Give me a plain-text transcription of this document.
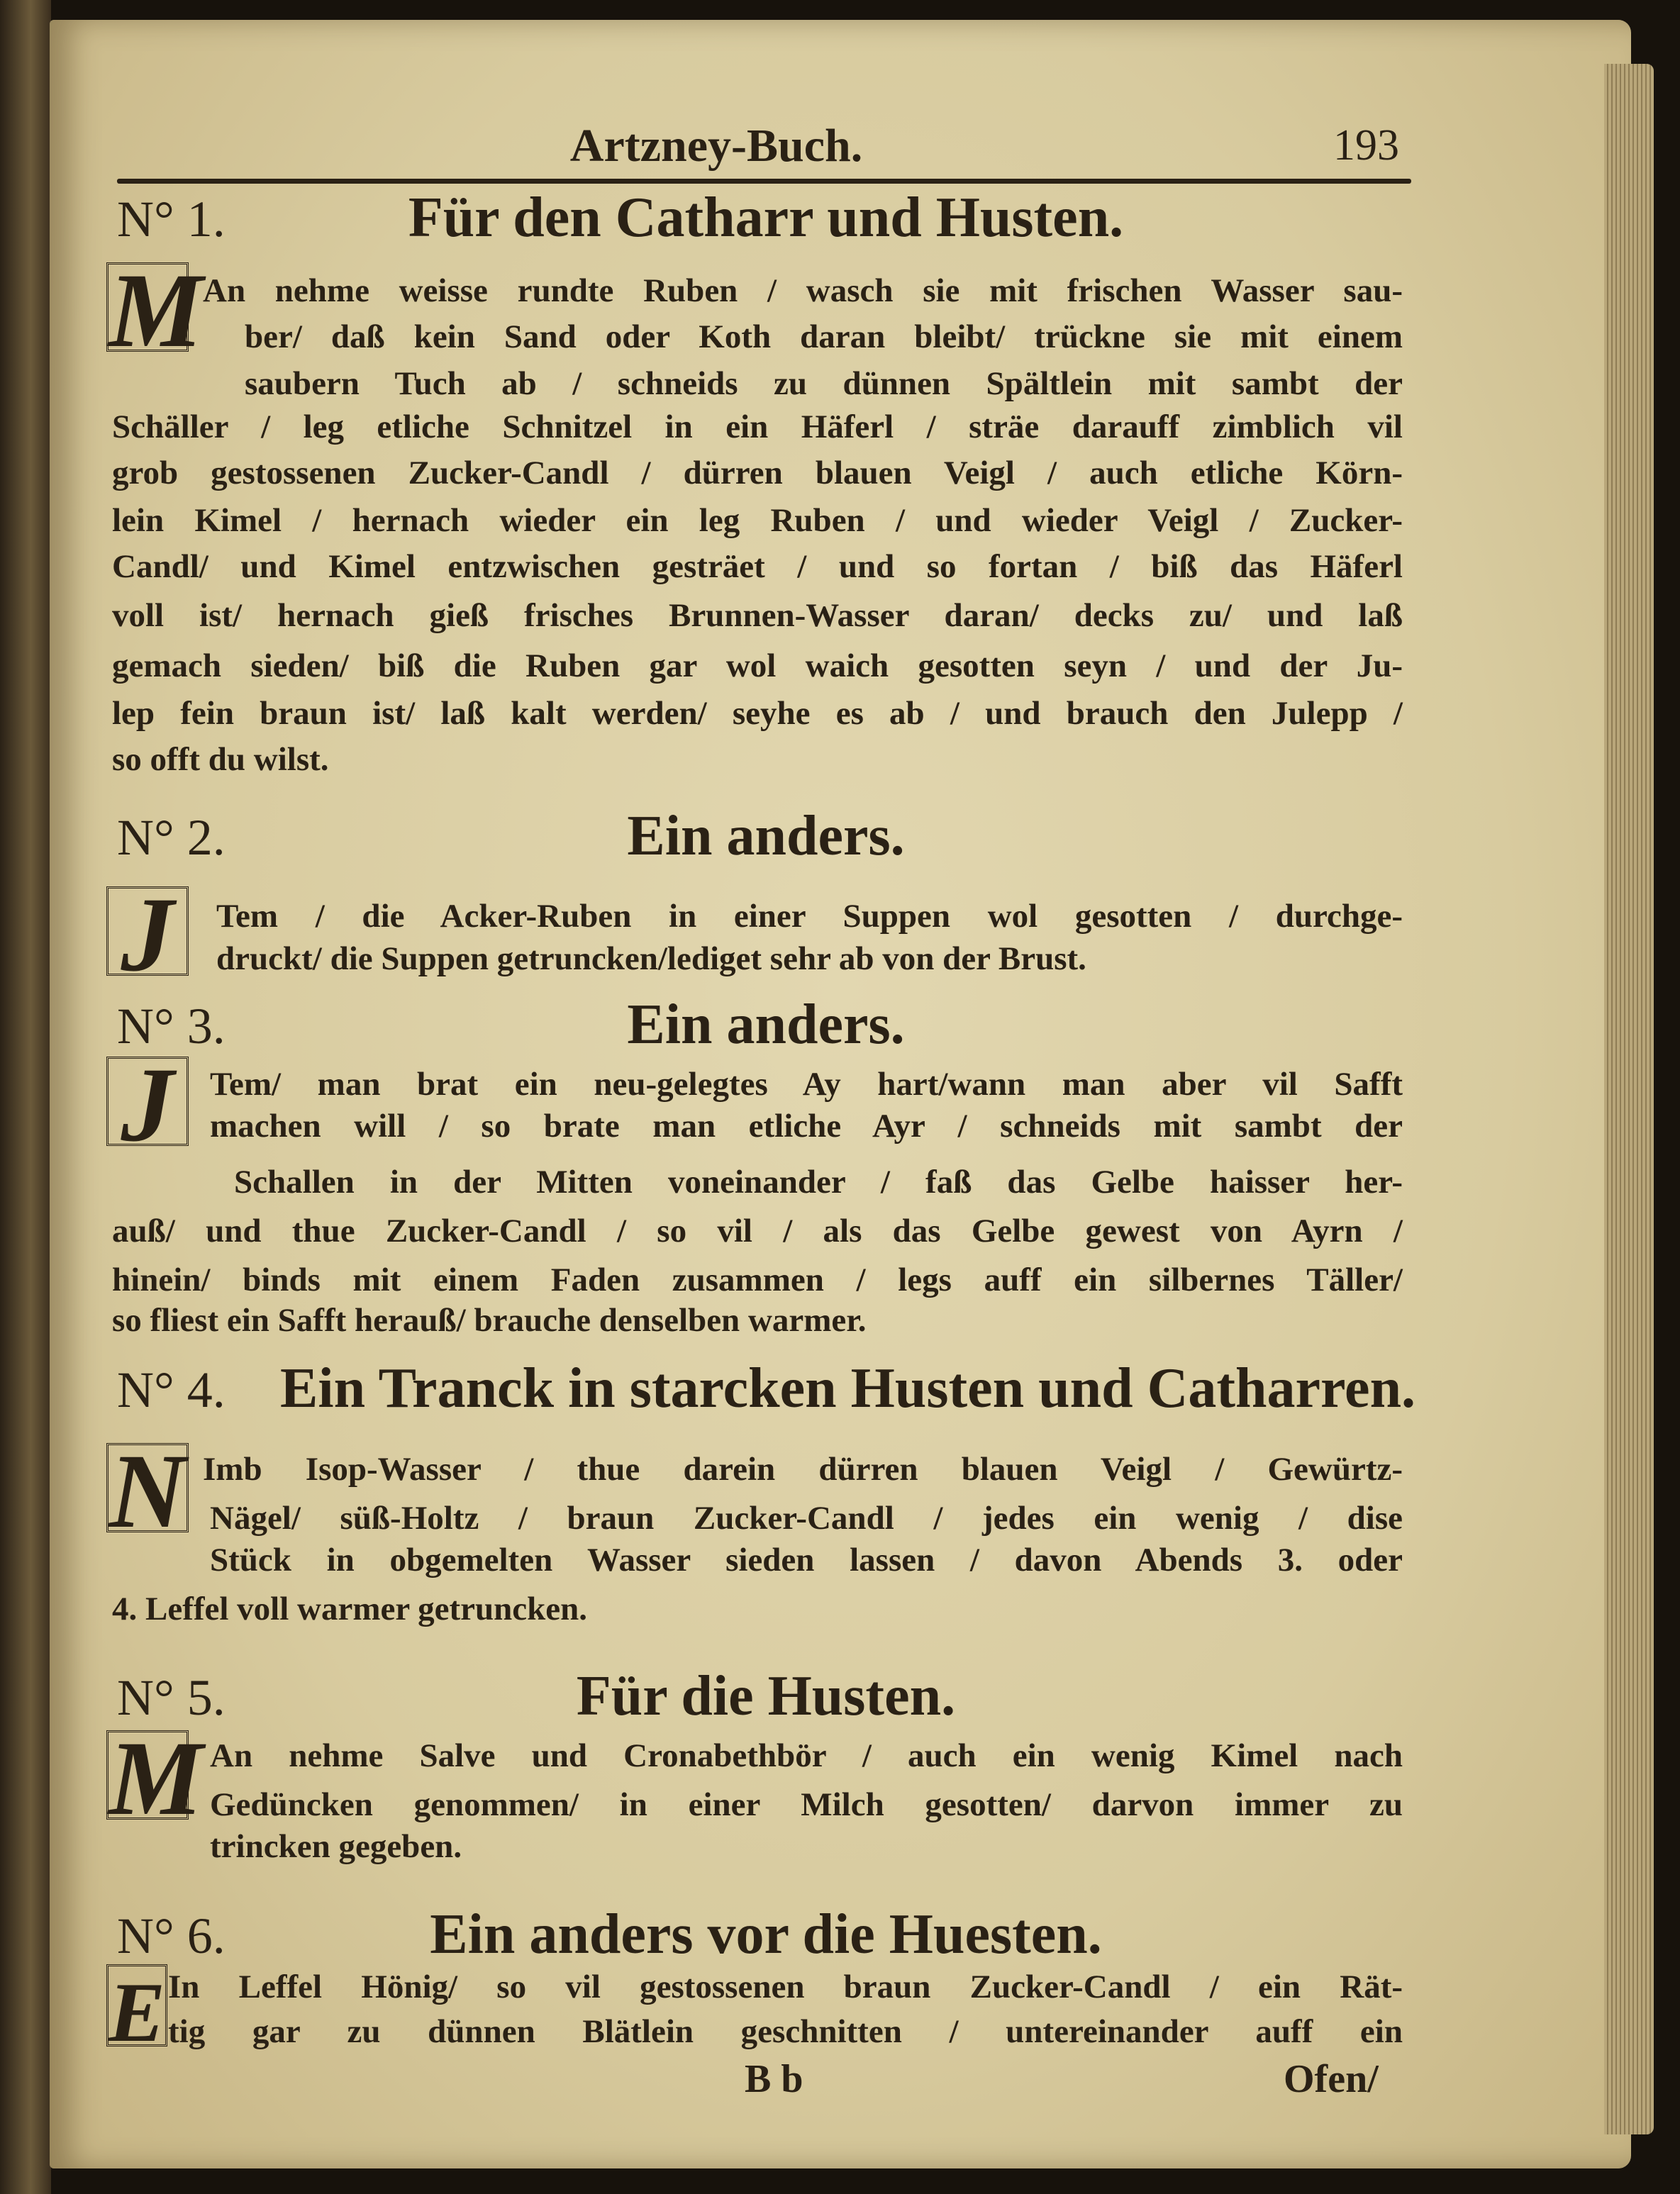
Artzney-Buch.	193
N° 1.	Für den Catharr und Husten.
M An nehme weisse rundte Ruben / wasch sie mit frischen Wasser sau-
ber/ daß kein Sand oder Koth daran bleibt/ trückne sie mit einem
saubern Tuch ab / schneids zu dünnen Spältlein mit sambt der
Schäller / leg etliche Schnitzel in ein Häferl / sträe darauff zimblich vil
grob gestossenen Zucker-Candl / dürren blauen Veigl / auch etliche Körn-
lein Kimel / hernach wieder ein leg Ruben / und wieder Veigl / Zucker-
Candl/ und Kimel entzwischen gesträet / und so fortan / biß das Häferl
voll ist/ hernach gieß frisches Brunnen-Wasser daran/ decks zu/ und laß
gemach sieden/ biß die Ruben gar wol waich gesotten seyn / und der Ju-
lep fein braun ist/ laß kalt werden/ seyhe es ab / und brauch den Julepp /
so offt du wilst.
N° 2.	Ein anders.
J	Tem / die Acker-Ruben in einer Suppen wol gesotten / durchge-
druckt/ die Suppen getruncken/lediget sehr ab von der Brust.
N° 3.	Ein anders.
J	Tem/ man brat ein neu-gelegtes Ay hart/wann man aber vil Safft
machen will / so brate man etliche Ayr / schneids mit sambt der
Schallen in der Mitten voneinander / faß das Gelbe haisser her-
auß/ und thue Zucker-Candl / so vil / als das Gelbe gewest von Ayrn /
hinein/ binds mit einem Faden zusammen / legs auff ein silbernes Täller/
so fliest ein Safft herauß/ brauche denselben warmer.
N° 4. Ein Tranck in starcken Husten und Catharren.
N Imb Isop-Wasser / thue darein dürren blauen Veigl / Gewürtz-
Nägel/ süß-Holtz / braun Zucker-Candl / jedes ein wenig / dise
Stück in obgemelten Wasser sieden lassen / davon Abends 3. oder
4. Leffel voll warmer getruncken.
N° 5.	Für die Husten.
M An nehme Salve und Cronabethbör / auch ein wenig Kimel nach
Gedüncken genommen/ in einer Milch gesotten/ darvon immer zu
trincken gegeben.
N° 6.	Ein anders vor die Huesten.
E In Leffel Hönig/ so vil gestossenen braun Zucker-Candl / ein Rät-
tig gar zu dünnen Blätlein geschnitten / untereinander auff ein
B b	Ofen/
